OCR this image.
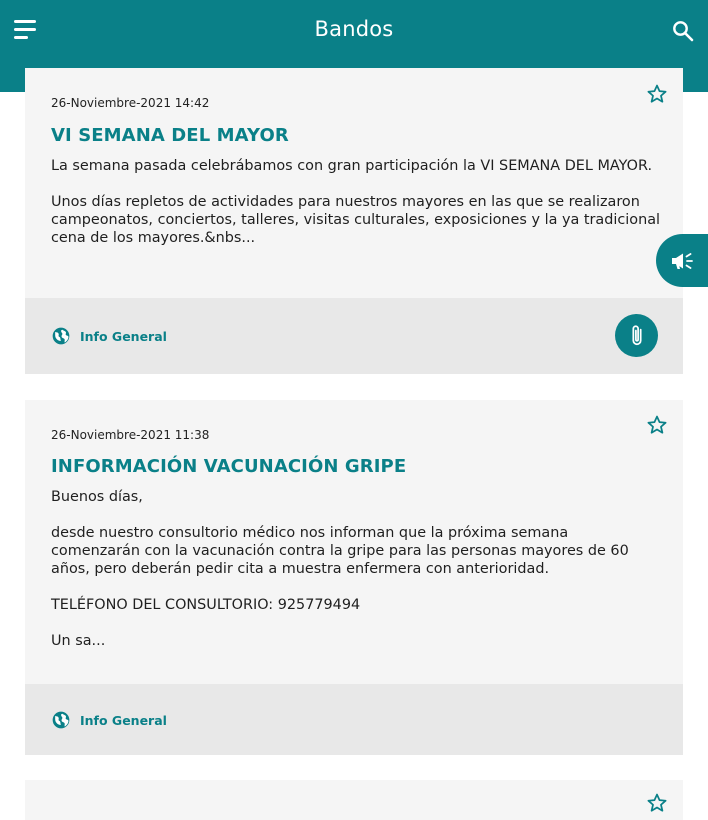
Bandos
26-Noviembre-2021 14:42
VI SEMANA DEL MAYOR
La semana pasada celebrábamos con gran participación la VI SEMANA DEL MAYOR.

Unos días repletos de actividades para nuestros mayores en las que se realizaron campeonatos, conciertos, talleres, visitas culturales, exposiciones y la ya tradicional cena de los mayores.&nbs...
Info General
26-Noviembre-2021 11:38
INFORMACIÓN VACUNACIÓN GRIPE
Buenos días,

desde nuestro consultorio médico nos informan que la próxima semana comenzarán con la vacunación contra la gripe para las personas mayores de 60 años, pero deberán pedir cita a muestra enfermera con anterioridad.

TELÉFONO DEL CONSULTORIO: 925779494

Un sa...
Info General
